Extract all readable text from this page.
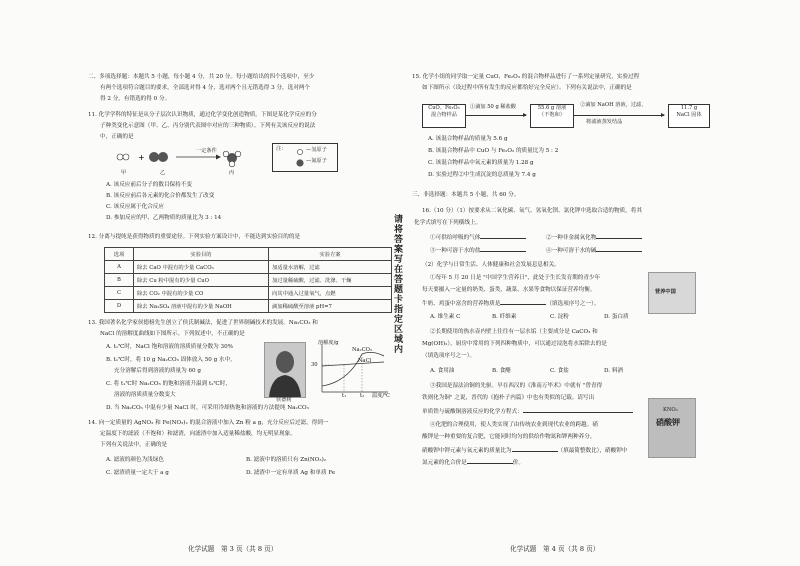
二、多项选择题：本题共 5 小题，每小题 4 分，共 20 分。每小题给出的四个选项中，至少
有两个选项符合题目的要求，全部选对得 4 分，选对两个且无错选得 3 分，选对两个
得 2 分，有错选的得 0 分。
11. 化学学科的特征是从分子层次认识物质，通过化学变化创造物质。下图是某化学反应的分
子种类变化示意图（甲、乙、丙分别代表图中对应的三种物质）。下列有关该反应的说法
中，正确的是
+
一定条件
甲	乙	丙
注：	—氢原子
—氮原子
A. 该反应前后分子的数目保持不变
B. 该反应前后各元素的化合价都发生了改变
C. 该反应属于化合反应
D. 参加反应的甲、乙两物质的质量比为 3 : 14
12. 分离与提纯是获得物质的重要途径。下列实验方案设计中，不能达到实验目的的是
选项	实验目的	实验方案
A	除去 CaO 中混有的少量 CaCO₃	加适量水溶解，过滤
B	除去 Cu 粉中混有的少量 CuO	加过量稀硫酸，过滤、洗涤、干燥
C	除去 CO₂ 中混有的少量 CO	向其中通入过量氧气，点燃
D	除去 Na₂SO₄ 溶液中混有的少量 NaOH	滴加稀硫酸至溶液 pH=7
13. 我国著名化学家侯德榜先生创立了侯氏制碱法，促进了世界制碱技术的发展。Na₂CO₃ 和
NaCl 的溶解度曲线如下图所示。下列叙述中，不正确的是
A. t₁℃时，NaCl 饱和溶液的溶质质量分数为 30%
B. t₁℃时，将 10 g Na₂CO₃ 固体放入 50 g 水中，
充分溶解后得到溶液的质量为 60 g
C. 将 t₁℃时 Na₂CO₃ 的饱和溶液升温到 t₂℃时，
溶液的溶质质量分数变大
D. 当 Na₂CO₃ 中混有少量 NaCl 时，可采用冷却热饱和溶液的方法提纯 Na₂CO₃
侯德榜
溶解度/g
Na₂CO₃
NaCl
30
t₁	t₂ 温度/℃
14. 向一定质量的 AgNO₃ 和 Fe(NO₃)₂ 的混合溶液中加入 Zn 粉 a g，充分反应后过滤，得到一
定温度下的滤液（不饱和）和滤渣，向滤渣中加入适量稀盐酸，均无明显现象。
下列有关说法中，正确的是
A. 滤液的颜色为浅绿色	B. 滤液中的溶质只有 Zn(NO₃)₂
C. 滤渣质量一定大于 a g	D. 滤渣中一定有单质 Ag 和单质 Fe
化学试题　第 3 页（共 8 页）
请将答案写在答题卡指定区域内
15. 化学小组的同学取一定量 CuO、Fe₂O₃ 的混合物样品进行了一系列定量研究，实验过程
如下图所示（设过程中所有发生的反应都恰好完全反应）。下列有关说法中，正确的是
CuO、Fe₂O₃
混合物样品
①滴加 50 g 稀盐酸	55.6 g 溶液
（不饱和）
②滴加 NaOH 溶液，过滤，
将滤液蒸发结晶
11.7 g
NaCl 固体
A. 该混合物样品的质量为 5.6 g
B. 该混合物样品中 CuO 与 Fe₂O₃ 的质量比为 5 : 2
C. 该混合物样品中氧元素的质量为 1.28 g
D. 实验过程②中生成沉淀的总质量为 7.4 g
三、非选择题：本题共 5 小题，共 60 分。
16.（10 分）（1）按要求从二氧化碳、氧气、氢氧化钡、氯化钾中选取合适的物质，将其
化学式填写在下列横线上。
①可供给呼吸的气体	②一种非金属氧化物
③一种可溶于水的盐	④一种可溶于水的碱
（2）化学与日常生活、人体健康和社会发展息息相关。
①每年 5 月 20 日是 "中国学生营养日"，此处于生长发育期的青少年
每天要摄入一定量的奶类、蛋类、蔬菜、水果等食物以保证营养均衡。
牛奶、鸡蛋中富含的营养物质是	（填选项序号之一）。
A. 维生素 C	B. 纤维素	C. 淀粉	D. 蛋白质
②长期使用的热水壶内壁上往往有一层水垢（主要成分是 CaCO₃ 和
Mg(OH)₂），厨房中常用的下列四种物质中，可以通过浸泡将水垢除去的是
（填选项序号之一）。
A. 食用油	B. 食醋	C. 食盐	D. 料酒
③我国是湿法冶铜的先驱。早在西汉的《淮南万毕术》中就有 "曾青得
铁则化为铜" 之说，晋代的《抱朴子内篇》中也有类似的记载。请写出
单质铁与硫酸铜溶液反应的化学方程式：
④化肥的合理使用，使人类实现了由传统农业到现代农业的跨越。硝
酸钾是一种重要的复合肥，它能同时均匀的供给作物氮和钾两种养分。
硝酸钾中钾元素与氧元素的质量比为	（填最简整数比），硝酸钾中
氮元素的化合价是	价。
营养中国
硝酸钾
KNO₃
化学试题　第 4 页（共 8 页）
